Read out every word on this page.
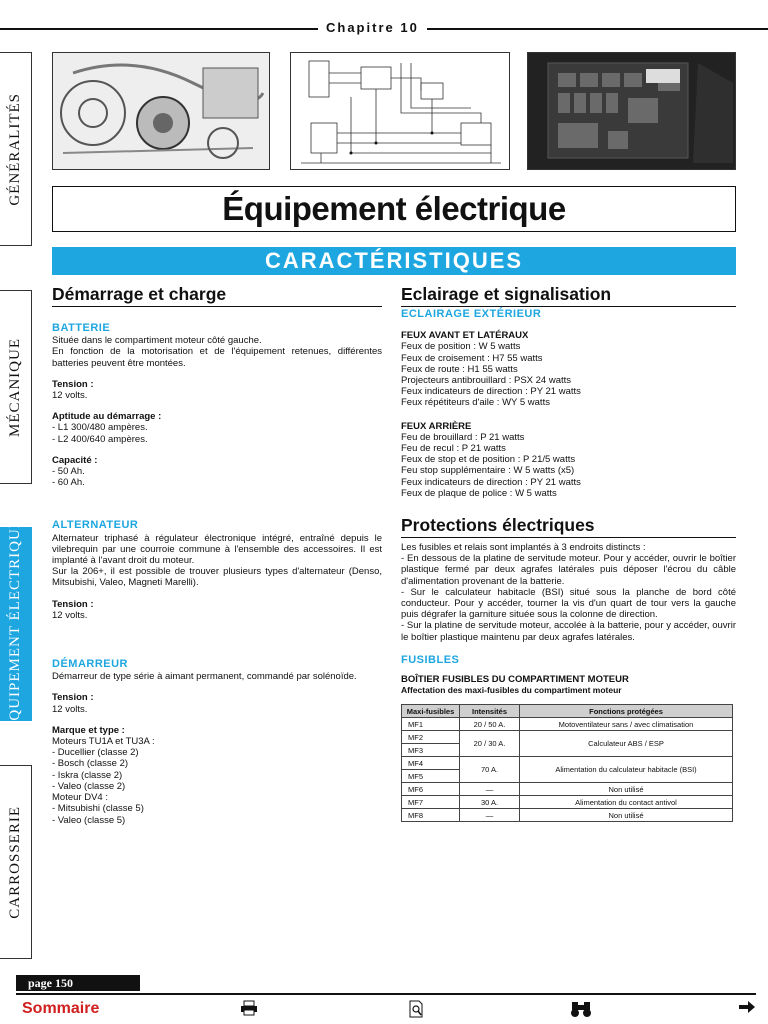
Chapitre 10
Équipement électrique
CARACTÉRISTIQUES
GÉNÉRALITÉS
MÉCANIQUE
ÉQUIPEMENT ÉLECTRIQUE
CARROSSERIE
Démarrage et charge
BATTERIE
Située dans le compartiment moteur côté gauche.
En fonction de la motorisation et de l'équipement retenues, différentes batteries peuvent être montées.
Tension :
12 volts.
Aptitude au démarrage :
- L1 300/480 ampères.
- L2 400/640 ampères.
Capacité :
- 50 Ah.
- 60 Ah.
ALTERNATEUR
Alternateur triphasé à régulateur électronique intégré, entraîné depuis le vilebrequin par une courroie commune à l'ensemble des accessoires. Il est implanté à l'avant droit du moteur.
Sur la 206+, il est possible de trouver plusieurs types d'alternateur (Denso, Mitsubishi, Valeo, Magneti Marelli).
Tension :
12 volts.
DÉMARREUR
Démarreur de type série à aimant permanent, commandé par solénoïde.
Tension :
12 volts.
Marque et type :
Moteurs TU1A et TU3A :
- Ducellier (classe 2)
- Bosch (classe 2)
- Iskra (classe 2)
- Valeo (classe 2)
Moteur DV4 :
- Mitsubishi (classe 5)
- Valeo (classe 5)
Eclairage et signalisation
ECLAIRAGE EXTÉRIEUR
FEUX AVANT ET LATÉRAUX
Feux de position : W 5 watts
Feux de croisement : H7 55 watts
Feux de route : H1 55 watts
Projecteurs antibrouillard : PSX 24 watts
Feux indicateurs de direction : PY 21 watts
Feux répétiteurs d'aile : WY 5 watts
FEUX ARRIÈRE
Feu de brouillard : P 21 watts
Feu de recul : P 21 watts
Feux de stop et de position : P 21/5 watts
Feu stop supplémentaire : W 5 watts (x5)
Feux indicateurs de direction : PY 21 watts
Feux de plaque de police : W 5 watts
Protections électriques
Les fusibles et relais sont implantés à 3 endroits distincts :
- En dessous de la platine de servitude moteur. Pour y accéder, ouvrir le boîtier plastique fermé par deux agrafes latérales puis déposer l'écrou du câble d'alimentation provenant de la batterie.
- Sur le calculateur habitacle (BSI) situé sous la planche de bord côté conducteur. Pour y accéder, tourner la vis d'un quart de tour vers la gauche puis dégrafer la garniture située sous la colonne de direction.
- Sur la platine de servitude moteur, accolée à la batterie, pour y accéder, ouvrir le boîtier plastique maintenu par deux agrafes latérales.
FUSIBLES
BOÎTIER FUSIBLES DU COMPARTIMENT MOTEUR
Affectation des maxi-fusibles du compartiment moteur
Maxi-fusibles	Intensités	Fonctions protégées
MF1	20 / 50 A.	Motoventilateur sans / avec climatisation
MF2	20 / 30 A.	Calculateur ABS / ESP
MF3		
MF4	70 A.	Alimentation du calculateur habitacle (BSI)
MF5		
MF6	—	Non utilisé
MF7	30 A.	Alimentation du contact antivol
MF8	—	Non utilisé
page 150
Sommaire
